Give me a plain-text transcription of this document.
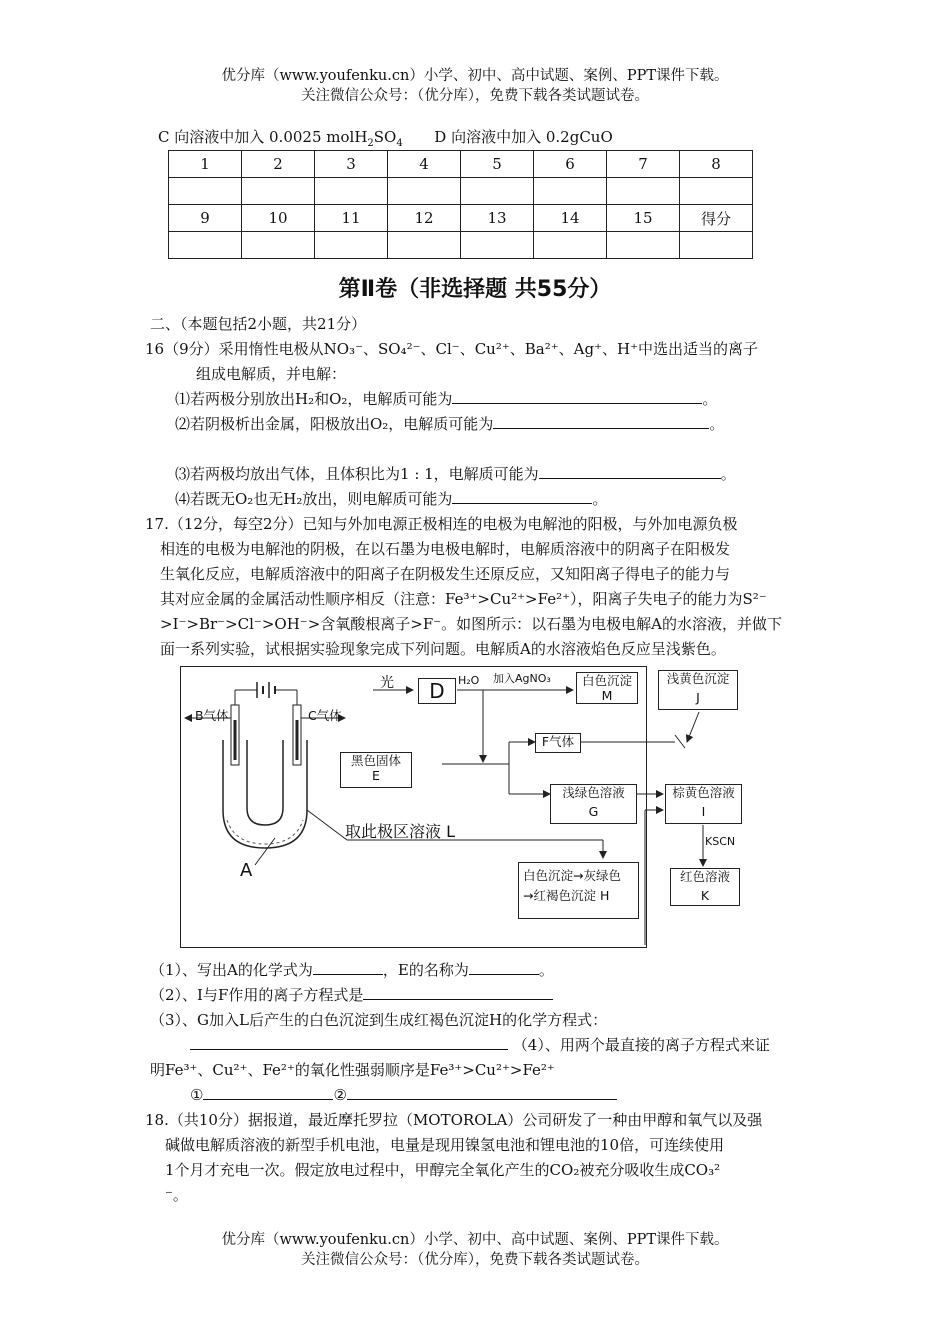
优分库（www.youfenku.cn）小学、初中、高中试题、案例、PPT课件下载。
关注微信公众号：（优分库），免费下载各类试题试卷。
C 向溶液中加入 0.0025 $molH_2SO_4$ D 向溶液中加入 0.2gCuO
1	2	3	4	5	6	7	8

9	10	11	12	13	14	15	得分

第Ⅱ卷（非选择题 共55分）
二、（本题包括2小题，共21分）
16（9分）采用惰性电极从NO₃⁻、SO₄²⁻、Cl⁻、Cu²⁺、Ba²⁺、Ag⁺、H⁺中选出适当的离子
组成电解质，并电解：
⑴若两极分别放出H₂和O₂，电解质可能为	。
⑵若阴极析出金属，阳极放出O₂，电解质可能为	。
⑶若两极均放出气体，且体积比为1 : 1，电解质可能为	。
⑷若既无O₂也无H₂放出，则电解质可能为	。
17.（12分，每空2分）已知与外加电源正极相连的电极为电解池的阳极，与外加电源负极
相连的电极为电解池的阴极，在以石墨为电极电解时，电解质溶液中的阴离子在阳极发
生氧化反应，电解质溶液中的阳离子在阴极发生还原反应，又知阳离子得电子的能力与
其对应金属的金属活动性顺序相反（注意：Fe³⁺>Cu²⁺>Fe²⁺），阳离子失电子的能力为S²⁻
>I⁻>Br⁻>Cl⁻>OH⁻>含氧酸根离子>F⁻。如图所示：以石墨为电极电解A的水溶液，并做下
面一系列实验，试根据实验现象完成下列问题。电解质A的水溶液焰色反应呈浅紫色。
B气体	C气体
光	D	H₂O 加入AgNO₃	白色沉淀
M
浅黄色沉淀
J
F气体
黑色固体
E
浅绿色溶液
G
棕黄色溶液
I
取此极区溶液 L
KSCN
红色溶液
K
白色沉淀→灰绿色
→红褐色沉淀 H
A
（1）、写出A的化学式为	，E的名称为	。
（2）、I与F作用的离子方程式是
（3）、G加入L后产生的白色沉淀到生成红褐色沉淀H的化学方程式：
（4）、用两个最直接的离子方程式来证
明Fe³⁺、Cu²⁺、Fe²⁺的氧化性强弱顺序是Fe³⁺>Cu²⁺>Fe²⁺
①	②
18.（共10分）据报道，最近摩托罗拉（MOTOROLA）公司研发了一种由甲醇和氧气以及强
碱做电解质溶液的新型手机电池，电量是现用镍氢电池和锂电池的10倍，可连续使用
1个月才充电一次。假定放电过程中，甲醇完全氧化产生的CO₂被充分吸收生成CO₃²
⁻。
优分库（www.youfenku.cn）小学、初中、高中试题、案例、PPT课件下载。
关注微信公众号：（优分库），免费下载各类试题试卷。
